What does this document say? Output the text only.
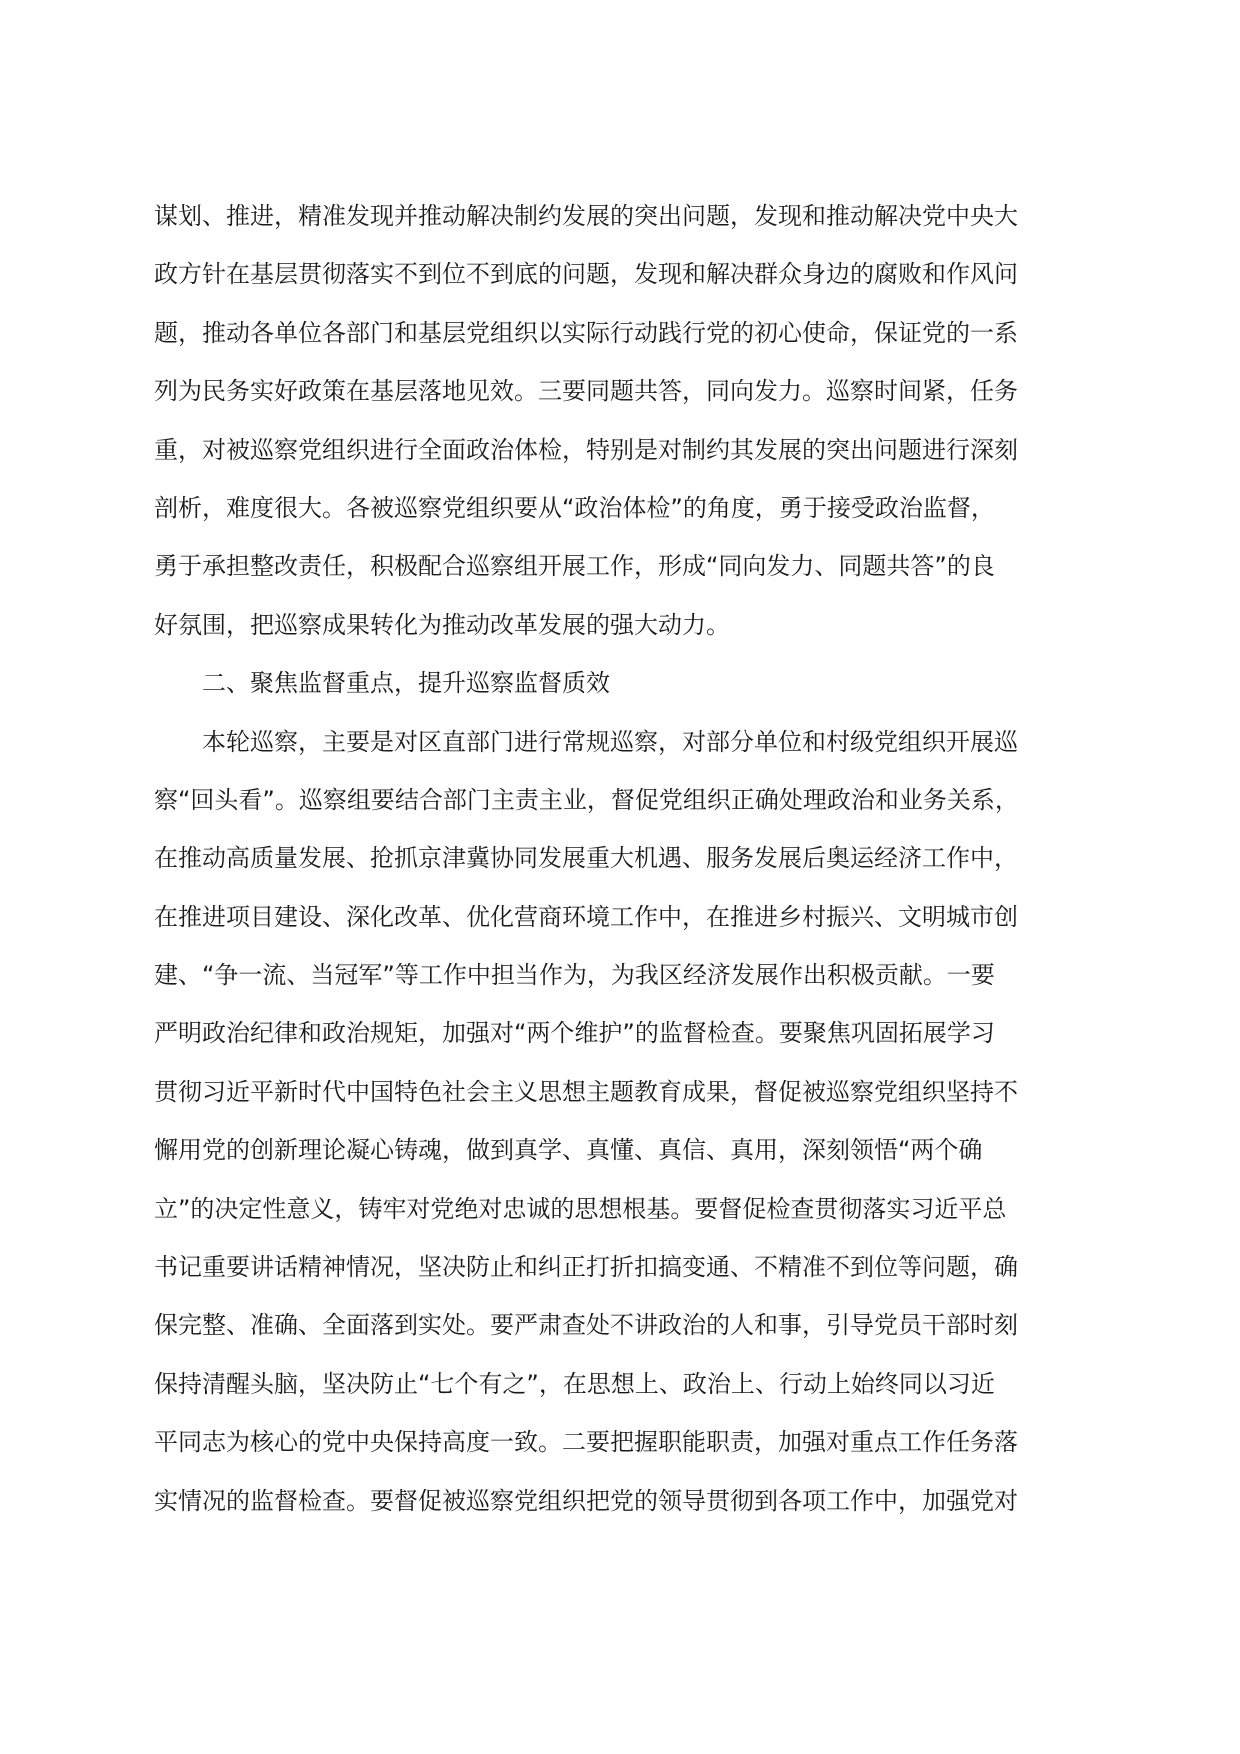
谋划、推进，精准发现并推动解决制约发展的突出问题，发现和推动解决党中央大
政方针在基层贯彻落实不到位不到底的问题，发现和解决群众身边的腐败和作风问
题，推动各单位各部门和基层党组织以实际行动践行党的初心使命，保证党的一系
列为民务实好政策在基层落地见效。三要同题共答，同向发力。巡察时间紧，任务
重，对被巡察党组织进行全面政治体检，特别是对制约其发展的突出问题进行深刻
剖析，难度很大。各被巡察党组织要从“政治体检”的角度，勇于接受政治监督，
勇于承担整改责任，积极配合巡察组开展工作，形成“同向发力、同题共答”的良
好氛围，把巡察成果转化为推动改革发展的强大动力。
二、聚焦监督重点，提升巡察监督质效
本轮巡察，主要是对区直部门进行常规巡察，对部分单位和村级党组织开展巡
察“回头看”。巡察组要结合部门主责主业，督促党组织正确处理政治和业务关系，
在推动高质量发展、抢抓京津冀协同发展重大机遇、服务发展后奥运经济工作中，
在推进项目建设、深化改革、优化营商环境工作中，在推进乡村振兴、文明城市创
建、“争一流、当冠军”等工作中担当作为，为我区经济发展作出积极贡献。一要
严明政治纪律和政治规矩，加强对“两个维护”的监督检查。要聚焦巩固拓展学习
贯彻习近平新时代中国特色社会主义思想主题教育成果，督促被巡察党组织坚持不
懈用党的创新理论凝心铸魂，做到真学、真懂、真信、真用，深刻领悟“两个确
立”的决定性意义，铸牢对党绝对忠诚的思想根基。要督促检查贯彻落实习近平总
书记重要讲话精神情况，坚决防止和纠正打折扣搞变通、不精准不到位等问题，确
保完整、准确、全面落到实处。要严肃查处不讲政治的人和事，引导党员干部时刻
保持清醒头脑，坚决防止“七个有之”，在思想上、政治上、行动上始终同以习近
平同志为核心的党中央保持高度一致。二要把握职能职责，加强对重点工作任务落
实情况的监督检查。要督促被巡察党组织把党的领导贯彻到各项工作中，加强党对
